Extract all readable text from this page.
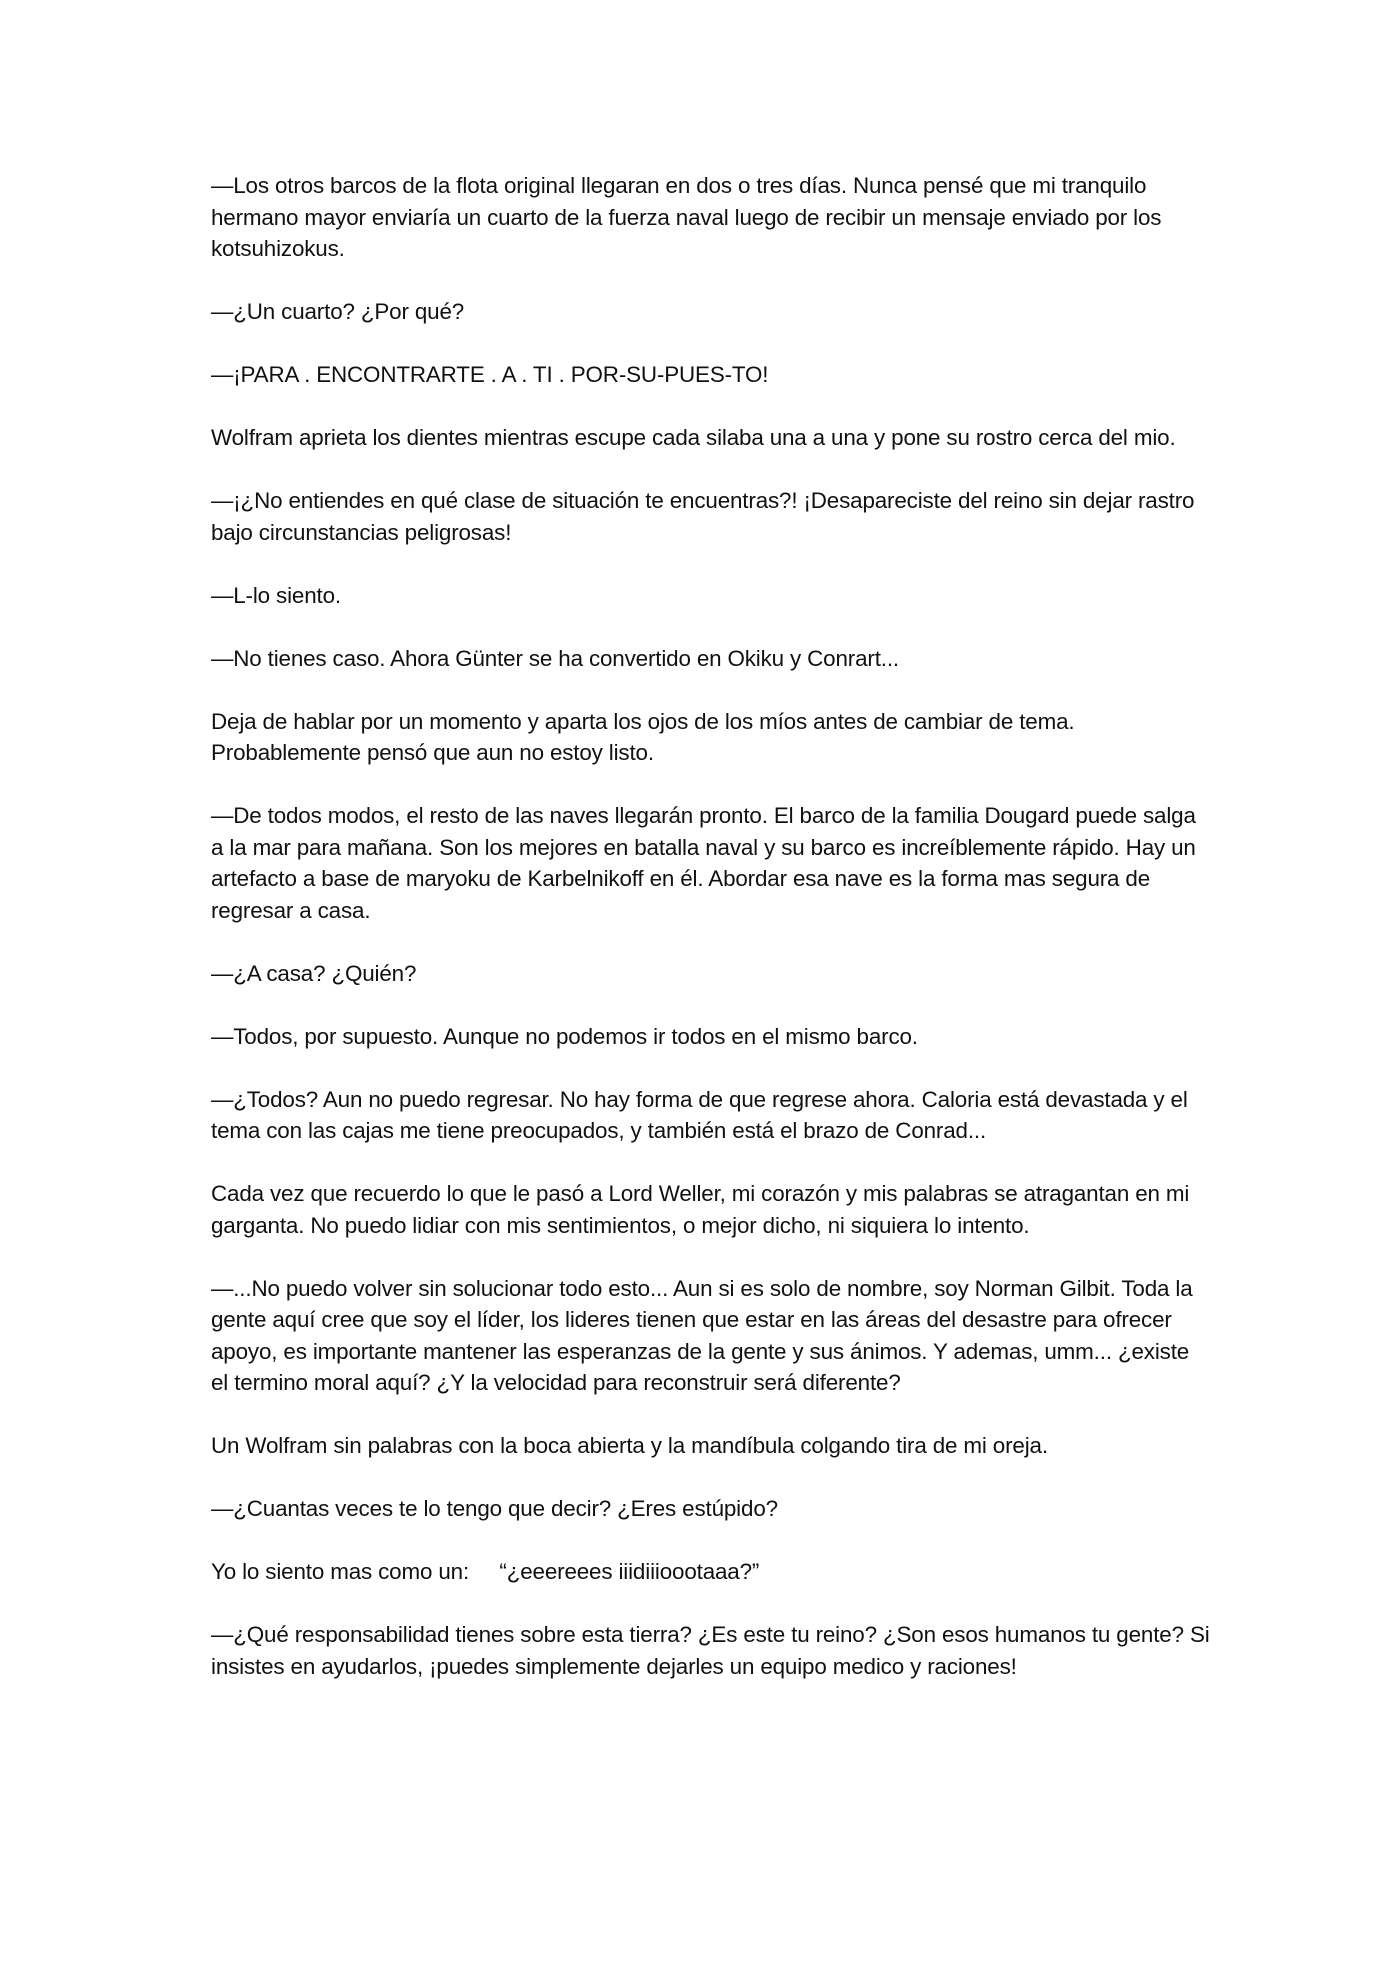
—Los otros barcos de la flota original llegaran en dos o tres días. Nunca pensé que mi tranquilo hermano mayor enviaría un cuarto de la fuerza naval luego de recibir un mensaje enviado por los kotsuhizokus.

—¿Un cuarto? ¿Por qué?

—¡PARA . ENCONTRARTE . A . TI . POR-SU-PUES-TO!

Wolfram aprieta los dientes mientras escupe cada silaba una a una y pone su rostro cerca del mio.

—¡¿No entiendes en qué clase de situación te encuentras?! ¡Desapareciste del reino sin dejar rastro bajo circunstancias peligrosas!

—L-lo siento.

—No tienes caso. Ahora Günter se ha convertido en Okiku y Conrart...

Deja de hablar por un momento y aparta los ojos de los míos antes de cambiar de tema. Probablemente pensó que aun no estoy listo.

—De todos modos, el resto de las naves llegarán pronto. El barco de la familia Dougard puede salga a la mar para mañana. Son los mejores en batalla naval y su barco es increíblemente rápido. Hay un artefacto a base de maryoku de Karbelnikoff en él. Abordar esa nave es la forma mas segura de regresar a casa.

—¿A casa? ¿Quién?

—Todos, por supuesto. Aunque no podemos ir todos en el mismo barco.

—¿Todos? Aun no puedo regresar. No hay forma de que regrese ahora. Caloria está devastada y el tema con las cajas me tiene preocupados, y también está el brazo de Conrad...

Cada vez que recuerdo lo que le pasó a Lord Weller, mi corazón y mis palabras se atragantan en mi garganta. No puedo lidiar con mis sentimientos, o mejor dicho, ni siquiera lo intento.

—...No puedo volver sin solucionar todo esto... Aun si es solo de nombre, soy Norman Gilbit. Toda la gente aquí cree que soy el líder, los lideres tienen que estar en las áreas del desastre para ofrecer apoyo, es importante mantener las esperanzas de la gente y sus ánimos. Y ademas, umm... ¿existe el termino moral aquí? ¿Y la velocidad para reconstruir será diferente?

Un Wolfram sin palabras con la boca abierta y la mandíbula colgando tira de mi oreja.

—¿Cuantas veces te lo tengo que decir? ¿Eres estúpido?

Yo lo siento mas como un:     “¿eeereees iiidiiioootaaa?”

—¿Qué responsabilidad tienes sobre esta tierra? ¿Es este tu reino? ¿Son esos humanos tu gente? Si insistes en ayudarlos, ¡puedes simplemente dejarles un equipo medico y raciones!
